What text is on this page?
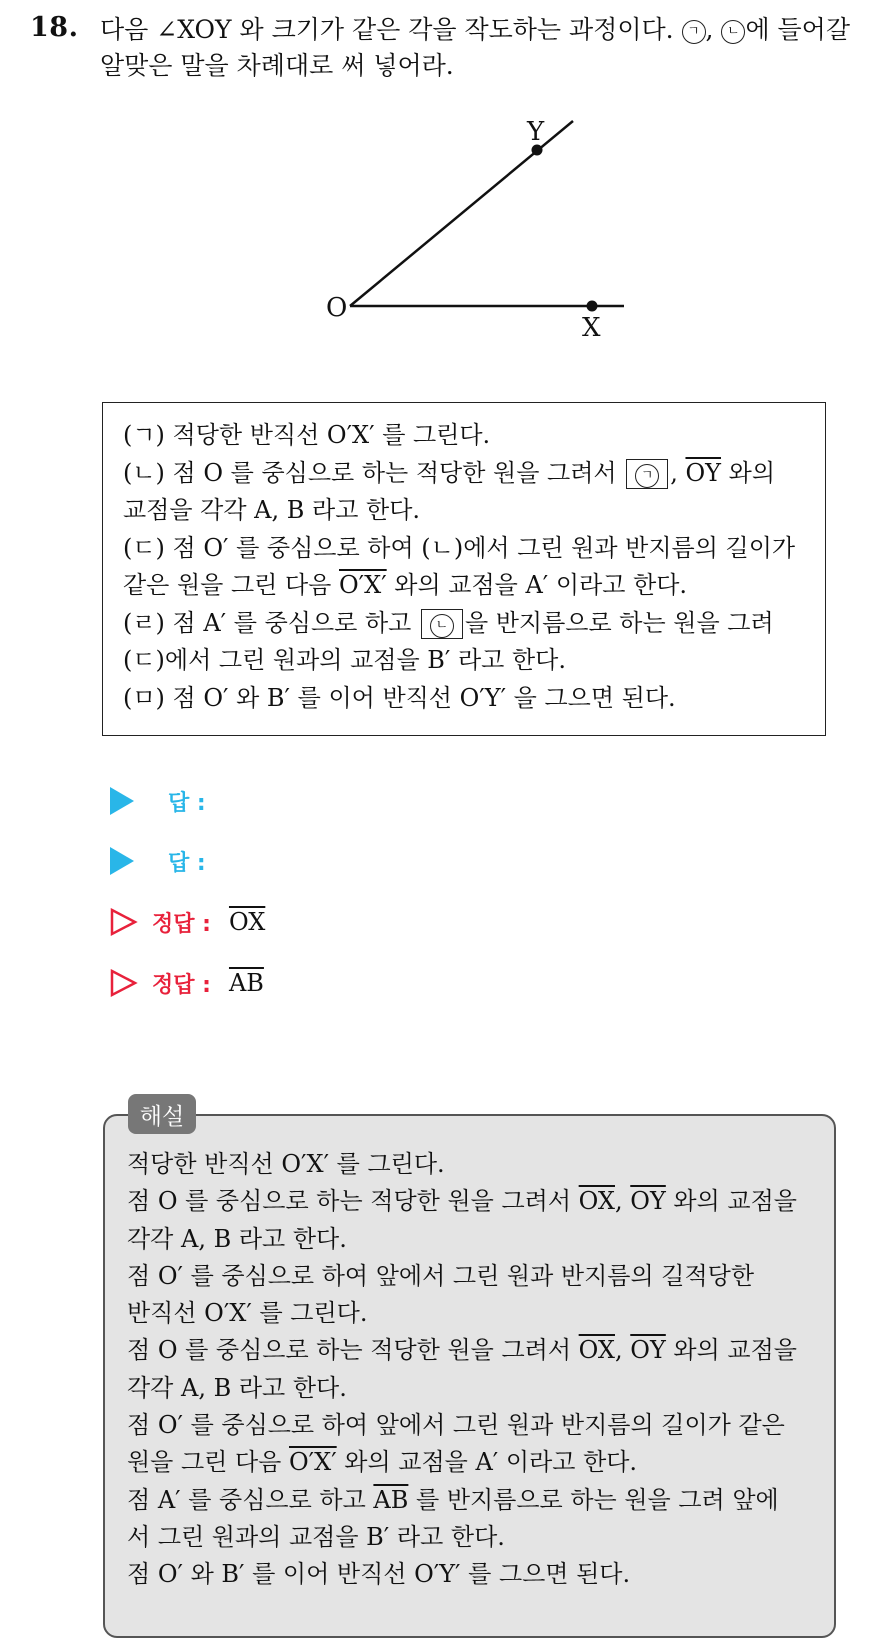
18. 다음 ∠XOY 와 크기가 같은 각을 작도하는 과정이다. ㄱ , ㄴ 에 들어갈 알맞은 말을 차례대로 써 넣어라.
O
Y
X
(ㄱ) 적당한 반직선 O′X′ 를 그린다.
(ㄴ) 점 O 를 중심으로 하는 적당한 원을 그려서 ㄱ , $\overline{OY}$ 와의
교점을 각각 A, B 라고 한다.
(ㄷ) 점 O′ 를 중심으로 하여 (ㄴ)에서 그린 원과 반지름의 길이가
같은 원을 그린 다음 O′X′ 와의 교점을 A′ 이라고 한다.
(ㄹ) 점 A′ 를 중심으로 하고 ㄴ 을 반지름으로 하는 원을 그려
(ㄷ)에서 그린 원과의 교점을 B′ 라고 한다.
(ㅁ) 점 O′ 와 B′ 를 이어 반직선 O′Y′ 을 그으면 된다.
답 :
답 :
정답 : $\overline{OX}$
정답 : $\overline{AB}$
해설
적당한 반직선 O′X′ 를 그린다.
점 O 를 중심으로 하는 적당한 원을 그려서 $\overline{OX}$, $\overline{OY}$ 와의 교점을
각각 A, B 라고 한다.
점 O′ 를 중심으로 하여 앞에서 그린 원과 반지름의 길적당한
반직선 O′X′ 를 그린다.
점 O 를 중심으로 하는 적당한 원을 그려서 $\overline{OX}$, $\overline{OY}$ 와의 교점을
각각 A, B 라고 한다.
점 O′ 를 중심으로 하여 앞에서 그린 원과 반지름의 길이가 같은
원을 그린 다음 O′X′ 와의 교점을 A′ 이라고 한다.
점 A′ 를 중심으로 하고 $\overline{AB}$ 를 반지름으로 하는 원을 그려 앞에
서 그린 원과의 교점을 B′ 라고 한다.
점 O′ 와 B′ 를 이어 반직선 O′Y′ 를 그으면 된다.
